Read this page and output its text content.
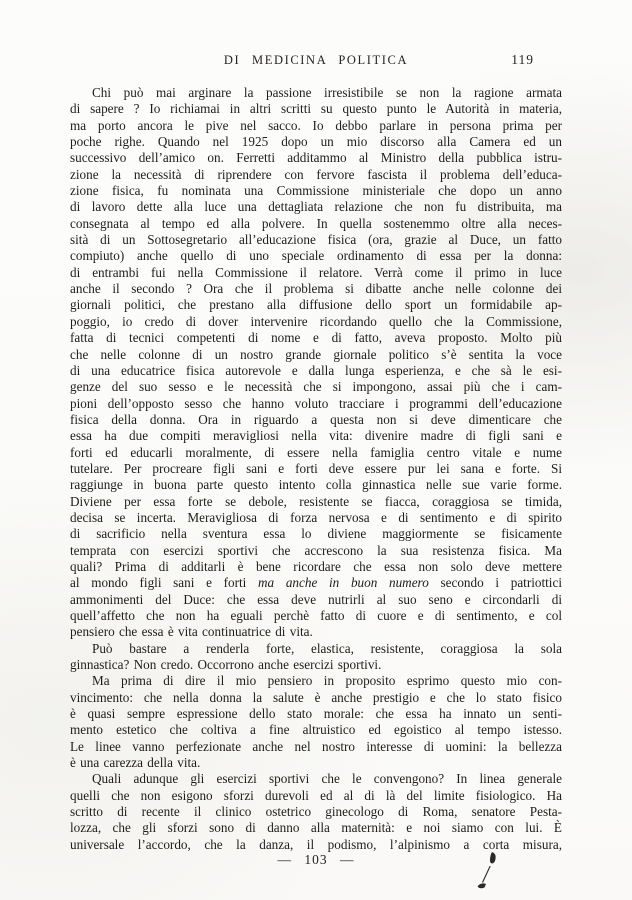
DI MEDICINA POLITICA	119
Chi può mai arginare la passione irresistibile se non la ragione armata
di sapere ? Io richiamai in altri scritti su questo punto le Autorità in materia,
ma porto ancora le pive nel sacco. Io debbo parlare in persona prima per
poche righe. Quando nel 1925 dopo un mio discorso alla Camera ed un
successivo dell’amico on. Ferretti additammo al Ministro della pubblica istru-
zione la necessità di riprendere con fervore fascista il problema dell’educa-
zione fisica, fu nominata una Commissione ministeriale che dopo un anno
di lavoro dette alla luce una dettagliata relazione che non fu distribuita, ma
consegnata al tempo ed alla polvere. In quella sostenemmo oltre alla neces-
sità di un Sottosegretario all’educazione fisica (ora, grazie al Duce, un fatto
compiuto) anche quello di uno speciale ordinamento di essa per la donna:
di entrambi fui nella Commissione il relatore. Verrà come il primo in luce
anche il secondo ? Ora che il problema si dibatte anche nelle colonne dei
giornali politici, che prestano alla diffusione dello sport un formidabile ap-
poggio, io credo di dover intervenire ricordando quello che la Commissione,
fatta di tecnici competenti di nome e di fatto, aveva proposto. Molto più
che nelle colonne di un nostro grande giornale politico s’è sentita la voce
di una educatrice fisica autorevole e dalla lunga esperienza, e che sà le esi-
genze del suo sesso e le necessità che si impongono, assai più che i cam-
pioni dell’opposto sesso che hanno voluto tracciare i programmi dell’educazione
fisica della donna. Ora in riguardo a questa non si deve dimenticare che
essa ha due compiti meravigliosi nella vita: divenire madre di figli sani e
forti ed educarli moralmente, di essere nella famiglia centro vitale e nume
tutelare. Per procreare figli sani e forti deve essere pur lei sana e forte. Si
raggiunge in buona parte questo intento colla ginnastica nelle sue varie forme.
Diviene per essa forte se debole, resistente se fiacca, coraggiosa se timida,
decisa se incerta. Meravigliosa di forza nervosa e di sentimento e di spirito
di sacrificio nella sventura essa lo diviene maggiormente se fisicamente
temprata con esercizi sportivi che accrescono la sua resistenza fisica. Ma
quali? Prima di additarli è bene ricordare che essa non solo deve mettere
al mondo figli sani e forti ma anche in buon numero secondo i patriottici
ammonimenti del Duce: che essa deve nutrirli al suo seno e circondarli di
quell’affetto che non ha eguali perchè fatto di cuore e di sentimento, e col
pensiero che essa è vita continuatrice di vita.
Può bastare a renderla forte, elastica, resistente, coraggiosa la sola
ginnastica? Non credo. Occorrono anche esercizi sportivi.
Ma prima di dire il mio pensiero in proposito esprimo questo mio con-
vincimento: che nella donna la salute è anche prestigio e che lo stato fisico
è quasi sempre espressione dello stato morale: che essa ha innato un senti-
mento estetico che coltiva a fine altruistico ed egoistico al tempo istesso.
Le linee vanno perfezionate anche nel nostro interesse di uomini: la bellezza
è una carezza della vita.
Quali adunque gli esercizi sportivi che le convengono? In linea generale
quelli che non esigono sforzi durevoli ed al di là del limite fisiologico. Ha
scritto di recente il clinico ostetrico ginecologo di Roma, senatore Pesta-
lozza, che gli sforzi sono di danno alla maternità: e noi siamo con lui. È
universale l’accordo, che la danza, il podismo, l’alpinismo a corta misura,
— 103 —
